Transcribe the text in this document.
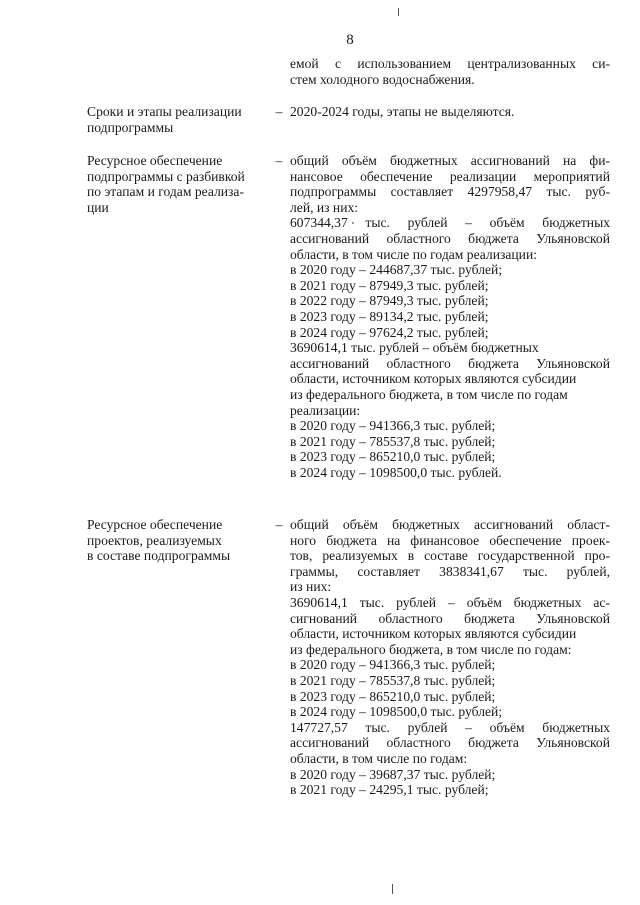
8
емой с использованием централизованных си-
стем холодного водоснабжения.
Сроки и этапы реализации
подпрограммы
– 2020-2024 годы, этапы не выделяются.
Ресурсное обеспечение
подпрограммы с разбивкой
по этапам и годам реализа-
ции
– общий объём бюджетных ассигнований на фи-
нансовое обеспечение реализации мероприятий
подпрограммы составляет 4297958,47 тыс. руб-
лей, из них:
607344,37 тыс. рублей – объём бюджетных
ассигнований областного бюджета Ульяновской
области, в том числе по годам реализации:
в 2020 году – 244687,37 тыс. рублей;
в 2021 году – 87949,3 тыс. рублей;
в 2022 году – 87949,3 тыс. рублей;
в 2023 году – 89134,2 тыс. рублей;
в 2024 году – 97624,2 тыс. рублей;
3690614,1 тыс. рублей – объём бюджетных
ассигнований областного бюджета Ульяновской
области, источником которых являются субсидии
из федерального бюджета, в том числе по годам
реализации:
в 2020 году – 941366,3 тыс. рублей;
в 2021 году – 785537,8 тыс. рублей;
в 2023 году – 865210,0 тыс. рублей;
в 2024 году – 1098500,0 тыс. рублей.
Ресурсное обеспечение
проектов, реализуемых
в составе подпрограммы
– общий объём бюджетных ассигнований област-
ного бюджета на финансовое обеспечение проек-
тов, реализуемых в составе государственной про-
граммы, составляет 3838341,67 тыс. рублей,
из них:
3690614,1 тыс. рублей – объём бюджетных ас-
сигнований областного бюджета Ульяновской
области, источником которых являются субсидии
из федерального бюджета, в том числе по годам:
в 2020 году – 941366,3 тыс. рублей;
в 2021 году – 785537,8 тыс. рублей;
в 2023 году – 865210,0 тыс. рублей;
в 2024 году – 1098500,0 тыс. рублей;
147727,57 тыс. рублей – объём бюджетных
ассигнований областного бюджета Ульяновской
области, в том числе по годам:
в 2020 году – 39687,37 тыс. рублей;
в 2021 году – 24295,1 тыс. рублей;
